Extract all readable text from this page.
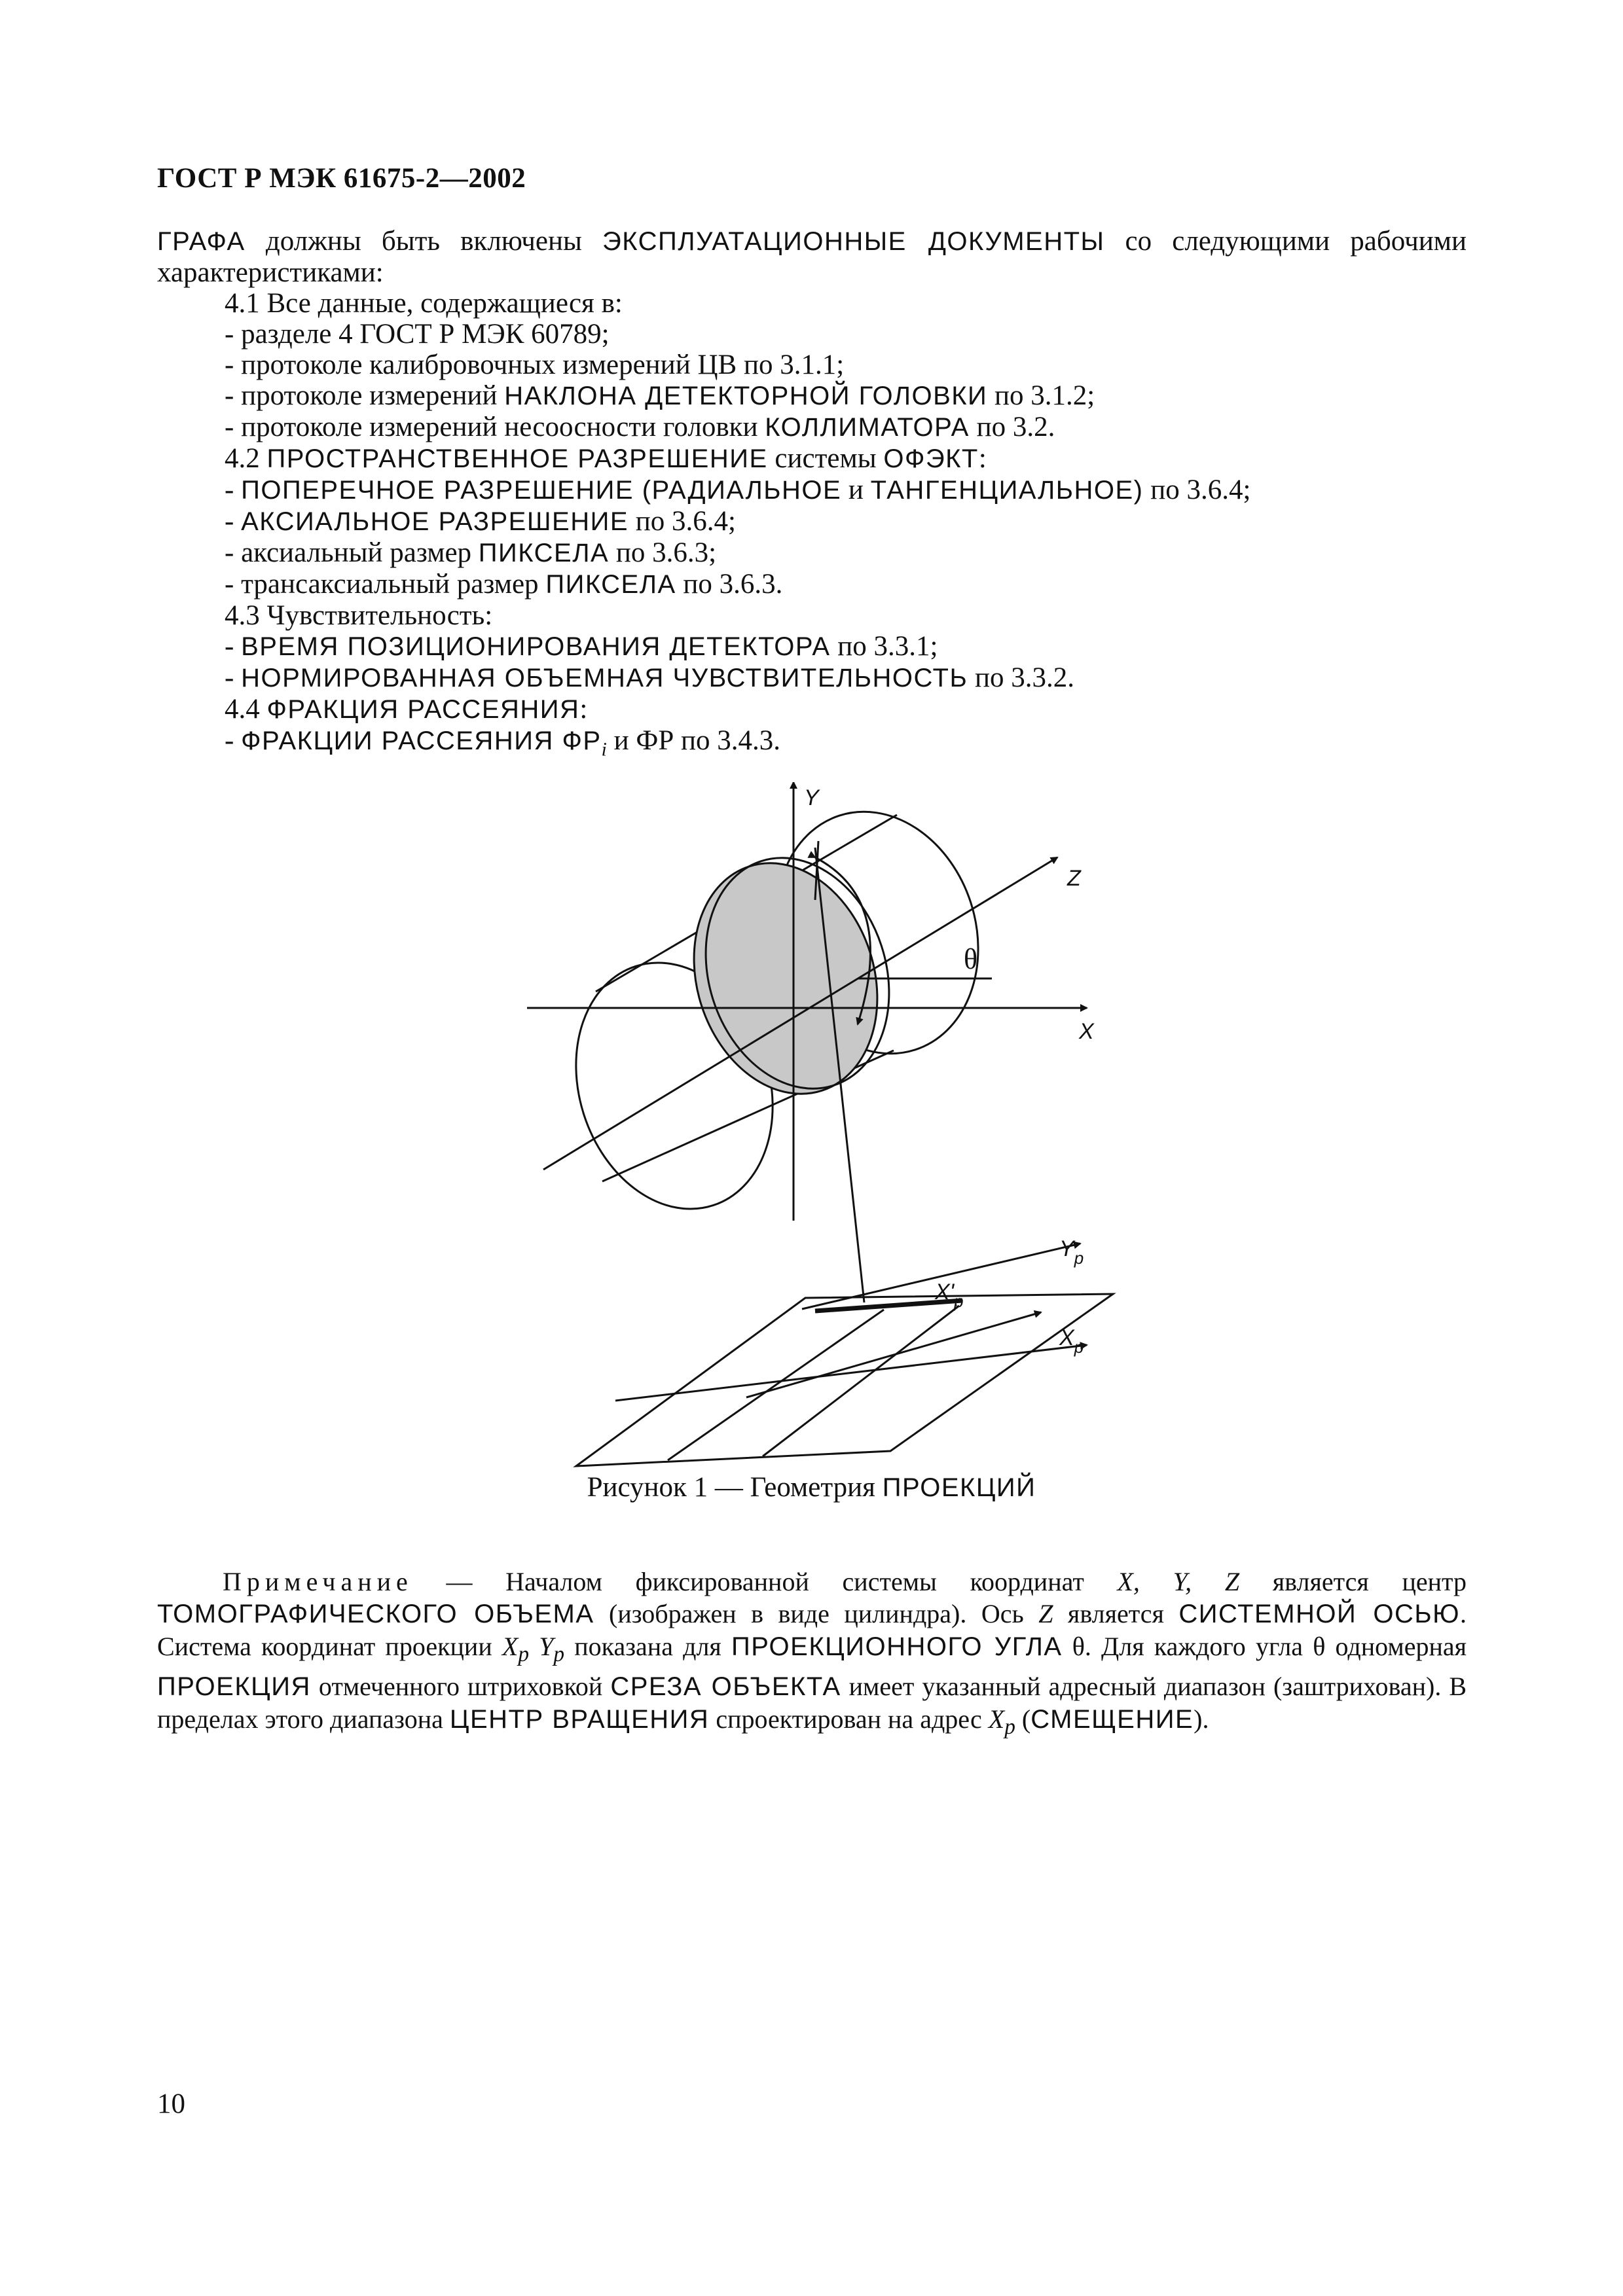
ГОСТ Р МЭК 61675-2—2002

ГРАФА должны быть включены ЭКСПЛУАТАЦИОННЫЕ ДОКУМЕНТЫ со следующими рабочими характеристиками:

4.1 Все данные, содержащиеся в:

- разделе 4 ГОСТ Р МЭК 60789;

- протоколе калибровочных измерений ЦВ по 3.1.1;

- протоколе измерений НАКЛОНА ДЕТЕКТОРНОЙ ГОЛОВКИ по 3.1.2;

- протоколе измерений несоосности головки КОЛЛИМАТОРА по 3.2.

4.2 ПРОСТРАНСТВЕННОЕ РАЗРЕШЕНИЕ системы ОФЭКТ:

- ПОПЕРЕЧНОЕ РАЗРЕШЕНИЕ (РАДИАЛЬНОЕ и ТАНГЕНЦИАЛЬНОЕ) по 3.6.4;

- АКСИАЛЬНОЕ РАЗРЕШЕНИЕ по 3.6.4;

- аксиальный размер ПИКСЕЛА по 3.6.3;

- трансаксиальный размер ПИКСЕЛА по 3.6.3.

4.3 Чувствительность:

- ВРЕМЯ ПОЗИЦИОНИРОВАНИЯ ДЕТЕКТОРА по 3.3.1;

- НОРМИРОВАННАЯ ОБЪЕМНАЯ ЧУВСТВИТЕЛЬНОСТЬ по 3.3.2.

4.4 ФРАКЦИЯ РАССЕЯНИЯ:

- ФРАКЦИИ РАССЕЯНИЯ $ФР_i$ и ФР по 3.4.3.

Y
Z
X
θ
$Y_p$
$X'_p$
$X_p$
Рисунок 1 — Геометрия ПРОЕКЦИЙ

Примечание — Началом фиксированной системы координат X, Y, Z является центр ТОМОГРАФИЧЕСКОГО ОБЪЕМА (изображен в виде цилиндра). Ось Z является СИСТЕМНОЙ ОСЬЮ. Система координат проекции $X_p$ $Y_p$ показана для ПРОЕКЦИОННОГО УГЛА θ. Для каждого угла θ одномерная ПРОЕКЦИЯ отмеченного штриховкой СРЕЗА ОБЪЕКТА имеет указанный адресный диапазон (заштрихован). В пределах этого диапазона ЦЕНТР ВРАЩЕНИЯ спроектирован на адрес $X_p$ (СМЕЩЕНИЕ).

10
